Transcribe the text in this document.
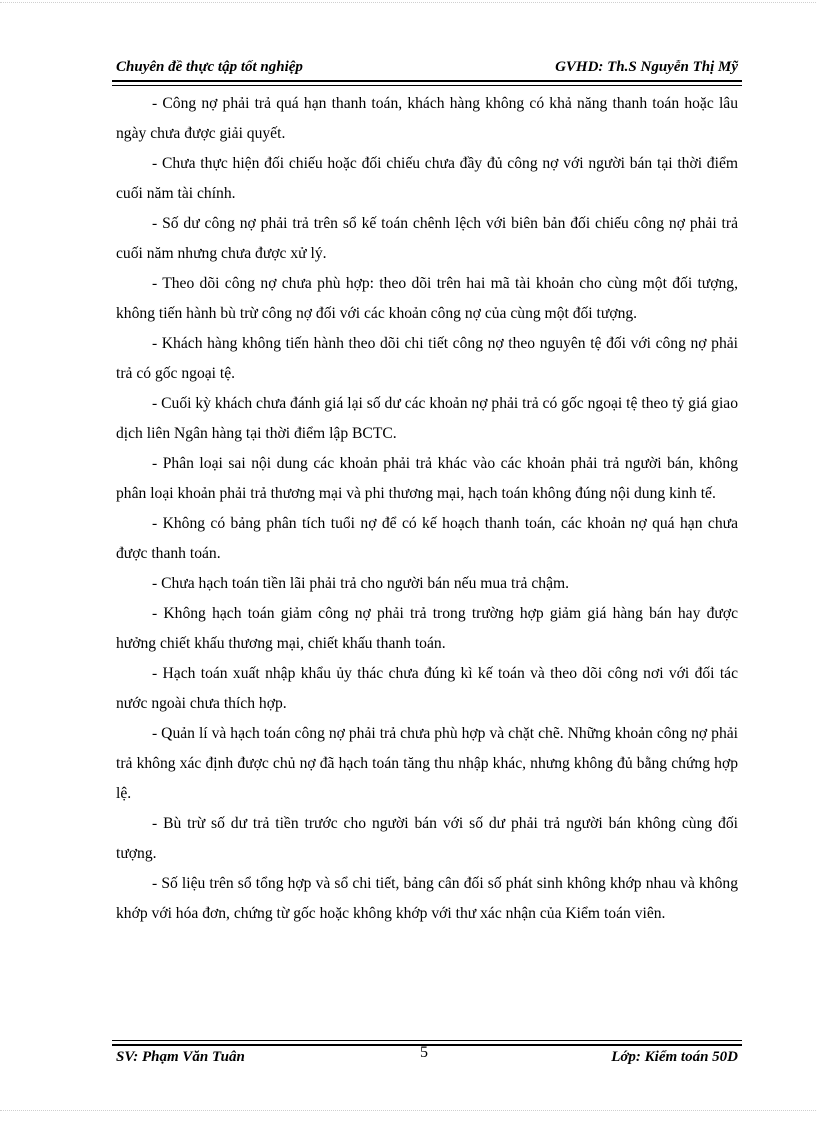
Chuyên đề thực tập tốt nghiệp	GVHD: Th.S Nguyễn Thị Mỹ

- Công nợ phải trả quá hạn thanh toán, khách hàng không có khả năng thanh toán hoặc lâu ngày chưa được giải quyết.

- Chưa thực hiện đối chiếu hoặc đối chiếu chưa đầy đủ công nợ với người bán tại thời điểm cuối năm tài chính.

- Số dư công nợ phải trả trên sổ kế toán chênh lệch với biên bản đối chiếu công nợ phải trả cuối năm nhưng chưa được xử lý.

- Theo dõi công nợ chưa phù hợp: theo dõi trên hai mã tài khoản cho cùng một đối tượng, không tiến hành bù trừ công nợ đối với các khoản công nợ của cùng một đối tượng.

- Khách hàng không tiến hành theo dõi chi tiết công nợ theo nguyên tệ đối với công nợ phải trả có gốc ngoại tệ.

- Cuối kỳ khách chưa đánh giá lại số dư các khoản nợ phải trả có gốc ngoại tệ theo tỷ giá giao dịch liên Ngân hàng tại thời điểm lập BCTC.

- Phân loại sai nội dung các khoản phải trả khác vào các khoản phải trả người bán, không phân loại khoản phải trả thương mại và phi thương mại, hạch toán không đúng nội dung kinh tế.

- Không có bảng phân tích tuổi nợ để có kế hoạch thanh toán, các khoản nợ quá hạn chưa được thanh toán.

- Chưa hạch toán tiền lãi phải trả cho người bán nếu mua trả chậm.

- Không hạch toán giảm công nợ phải trả trong trường hợp giảm giá hàng bán hay được hưởng chiết khấu thương mại, chiết khấu thanh toán.

- Hạch toán xuất nhập khẩu ủy thác chưa đúng kì kế toán và theo dõi công nơi với đối tác nước ngoài chưa thích hợp.

- Quản lí và hạch toán công nợ phải trả chưa phù hợp và chặt chẽ. Những khoản công nợ phải trả không xác định được chủ nợ đã hạch toán tăng thu nhập khác, nhưng không đủ bằng chứng hợp lệ.

- Bù trừ số dư trả tiền trước cho người bán với số dư phải trả người bán không cùng đối tượng.

- Số liệu trên sổ tổng hợp và sổ chi tiết, bảng cân đối số phát sinh không khớp nhau và không khớp với hóa đơn, chứng từ gốc hoặc không khớp với thư xác nhận của Kiểm toán viên.

SV: Phạm Văn Tuân	5	Lớp: Kiểm toán 50D
